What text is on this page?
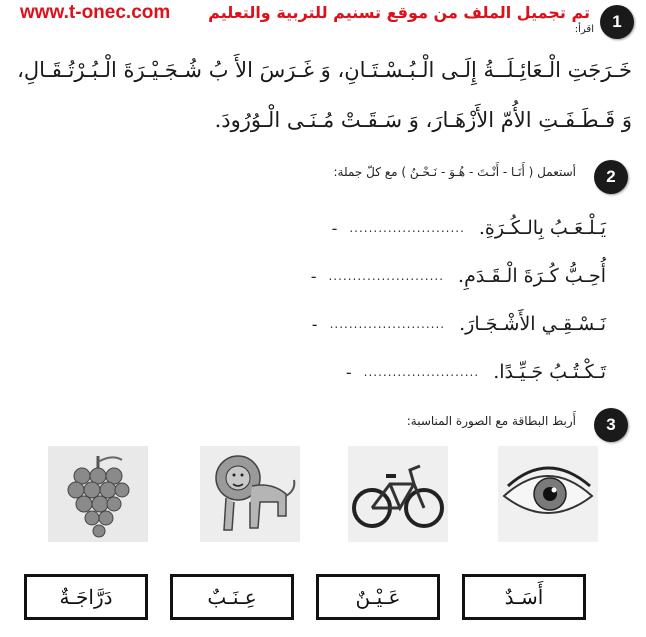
www.t-onec.com تم تجميل الملف من موقع تسنيم للتربية والتعليم 1
اقرأ:
خَـرَجَتِ الْـعَائِـلَــةُ إِلَـى الْـبُـسْـتَـانِ، وَ غَـرَسَ الأَ بُ شُـجَـيْـرَةَ الْـبُـرْتُـقَـالِ،
وَ قَـطَـفَـتِ الأُمّ الأَزْهَـارَ، وَ سَـقَـتْ مُـنَـى الْـوُرُودَ.
2
أستعمل ( أَنَـا - أَنْـتَ - هُـوَ - نَـحْـنُ ) مع كلّ جملة:
يَـلْـعَـبُ بِالـكُـرَةِ.
........................
-
أُحِـبُّ كُـرَةَ الْـقَـدَمِ.
........................
-
نَـسْـقِـي الأَشْـجَـارَ.
........................
-
تَـكْـتُـبُ جَـيِّـدًا.
........................
-
3
أَربط البطاقة مع الصورة المناسبة:
دَرَّاجَـةٌ	عِـنَـبٌ	عَـيْـنٌ	أَسَـدٌ
